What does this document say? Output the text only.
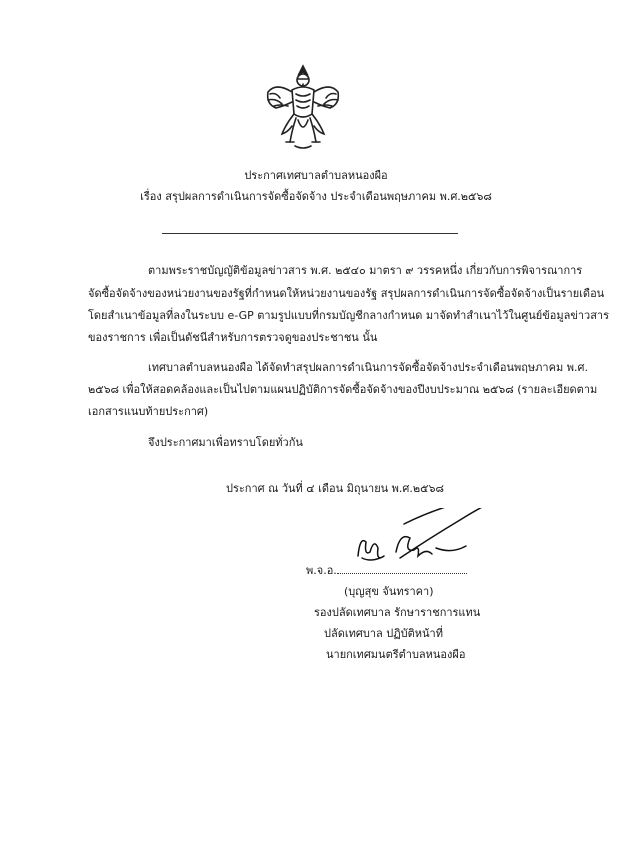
ประกาศเทศบาลตำบลหนองผือ
เรื่อง สรุปผลการดำเนินการจัดซื้อจัดจ้าง ประจำเดือนพฤษภาคม พ.ศ.๒๕๖๘
ตามพระราชบัญญัติข้อมูลข่าวสาร พ.ศ. ๒๕๔๐ มาตรา ๙ วรรคหนึ่ง เกี่ยวกับการพิจารณาการ
จัดซื้อจัดจ้างของหน่วยงานของรัฐที่กำหนดให้หน่วยงานของรัฐ สรุปผลการดำเนินการจัดซื้อจัดจ้างเป็นรายเดือน
โดยสำเนาข้อมูลที่ลงในระบบ e-GP ตามรูปแบบที่กรมบัญชีกลางกำหนด มาจัดทำสำเนาไว้ในศูนย์ข้อมูลข่าวสาร
ของราชการ เพื่อเป็นดัชนีสำหรับการตรวจดูของประชาชน นั้น
เทศบาลตำบลหนองผือ ได้จัดทำสรุปผลการดำเนินการจัดซื้อจัดจ้างประจำเดือนพฤษภาคม พ.ศ.
๒๕๖๘ เพื่อให้สอดคล้องและเป็นไปตามแผนปฏิบัติการจัดซื้อจัดจ้างของปีงบประมาณ ๒๕๖๘ (รายละเอียดตาม
เอกสารแนบท้ายประกาศ)
จึงประกาศมาเพื่อทราบโดยทั่วกัน
ประกาศ ณ วันที่ ๔ เดือน มิถุนายน พ.ศ.๒๕๖๘
พ.จ.อ.
(บุญสุข จันทราคา)
รองปลัดเทศบาล รักษาราชการแทน
ปลัดเทศบาล ปฏิบัติหน้าที่
นายกเทศมนตรีตำบลหนองผือ
